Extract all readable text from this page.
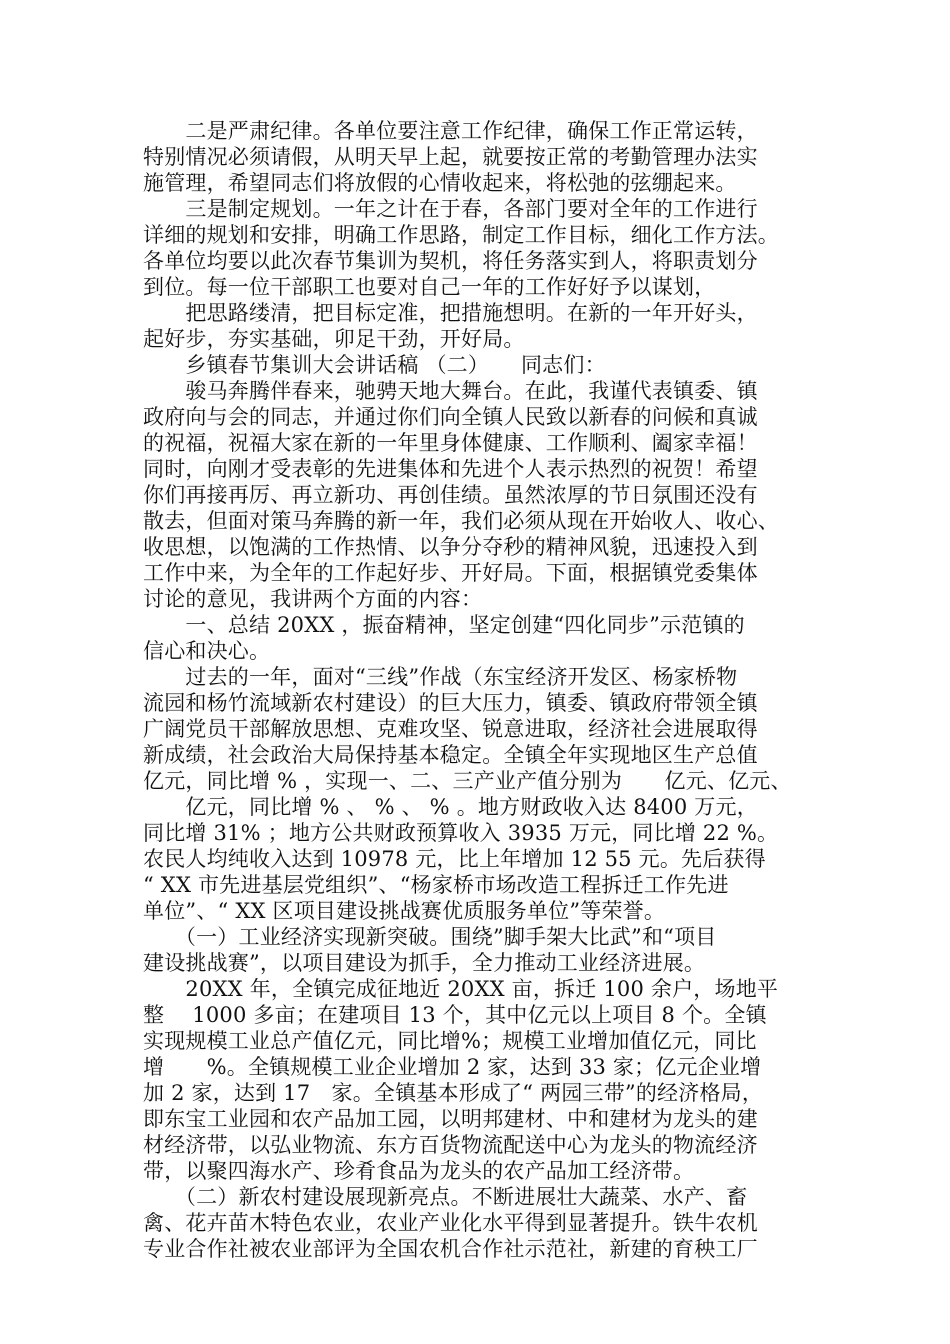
　　二是严肃纪律。各单位要注意工作纪律，确保工作正常运转，
特别情况必须请假，从明天早上起，就要按正常的考勤管理办法实
施管理，希望同志们将放假的心情收起来，将松弛的弦绷起来。
　　三是制定规划。一年之计在于春，各部门要对全年的工作进行
详细的规划和安排，明确工作思路，制定工作目标，细化工作方法。
各单位均要以此次春节集训为契机，将任务落实到人，将职责划分
到位。每一位干部职工也要对自己一年的工作好好予以谋划，
　　把思路缕清，把目标定准，把措施想明。在新的一年开好头，
起好步，夯实基础，卯足干劲，开好局。
　　乡镇春节集训大会讲话稿 （二）　　同志们：
　　骏马奔腾伴春来，驰骋天地大舞台。在此，我谨代表镇委、镇
政府向与会的同志，并通过你们向全镇人民致以新春的问候和真诚
的祝福，祝福大家在新的一年里身体健康、工作顺利、阖家幸福！
同时，向刚才受表彰的先进集体和先进个人表示热烈的祝贺！希望
你们再接再厉、再立新功、再创佳绩。虽然浓厚的节日氛围还没有
散去，但面对策马奔腾的新一年，我们必须从现在开始收人、收心、
收思想，以饱满的工作热情、以争分夺秒的精神风貌，迅速投入到
工作中来，为全年的工作起好步、开好局。下面，根据镇党委集体
讨论的意见，我讲两个方面的内容：
　　一、总结 20XX ，振奋精神，坚定创建“四化同步”示范镇的
信心和决心。
　　过去的一年，面对“三线”作战（东宝经济开发区、杨家桥物
流园和杨竹流域新农村建设）的巨大压力，镇委、镇政府带领全镇
广阔党员干部解放思想、克难攻坚、锐意进取，经济社会进展取得
新成绩，社会政治大局保持基本稳定。全镇全年实现地区生产总值
亿元，同比增 % ，实现一、二、三产业产值分别为　　亿元、亿元、
　　亿元，同比增 % 、 % 、 % 。地方财政收入达 8400 万元，
同比增 31% ；地方公共财政预算收入 3935 万元，同比增 22 %。
农民人均纯收入达到 10978 元，比上年增加 12 55 元。先后获得
“ XX 市先进基层党组织”、“杨家桥市场改造工程拆迁工作先进
单位”、“ XX 区项目建设挑战赛优质服务单位”等荣誉。
　　（一）工业经济实现新突破。围绕”脚手架大比武”和“项目
建设挑战赛”，以项目建设为抓手，全力推动工业经济进展。
　　20XX 年，全镇完成征地近 20XX 亩，拆迁 100 余户，场地平
整　 1000 多亩；在建项目 13 个，其中亿元以上项目 8 个。全镇
实现规模工业总产值亿元，同比增%；规模工业增加值亿元，同比
增　　%。全镇规模工业企业增加 2 家，达到 33 家；亿元企业增
加 2 家，达到 17　家。全镇基本形成了“ 两园三带”的经济格局，
即东宝工业园和农产品加工园，以明邦建材、中和建材为龙头的建
材经济带，以弘业物流、东方百货物流配送中心为龙头的物流经济
带，以聚四海水产、珍肴食品为龙头的农产品加工经济带。
　　（二）新农村建设展现新亮点。不断进展壮大蔬菜、水产、畜
禽、花卉苗木特色农业，农业产业化水平得到显著提升。铁牛农机
专业合作社被农业部评为全国农机合作社示范社，新建的育秧工厂
